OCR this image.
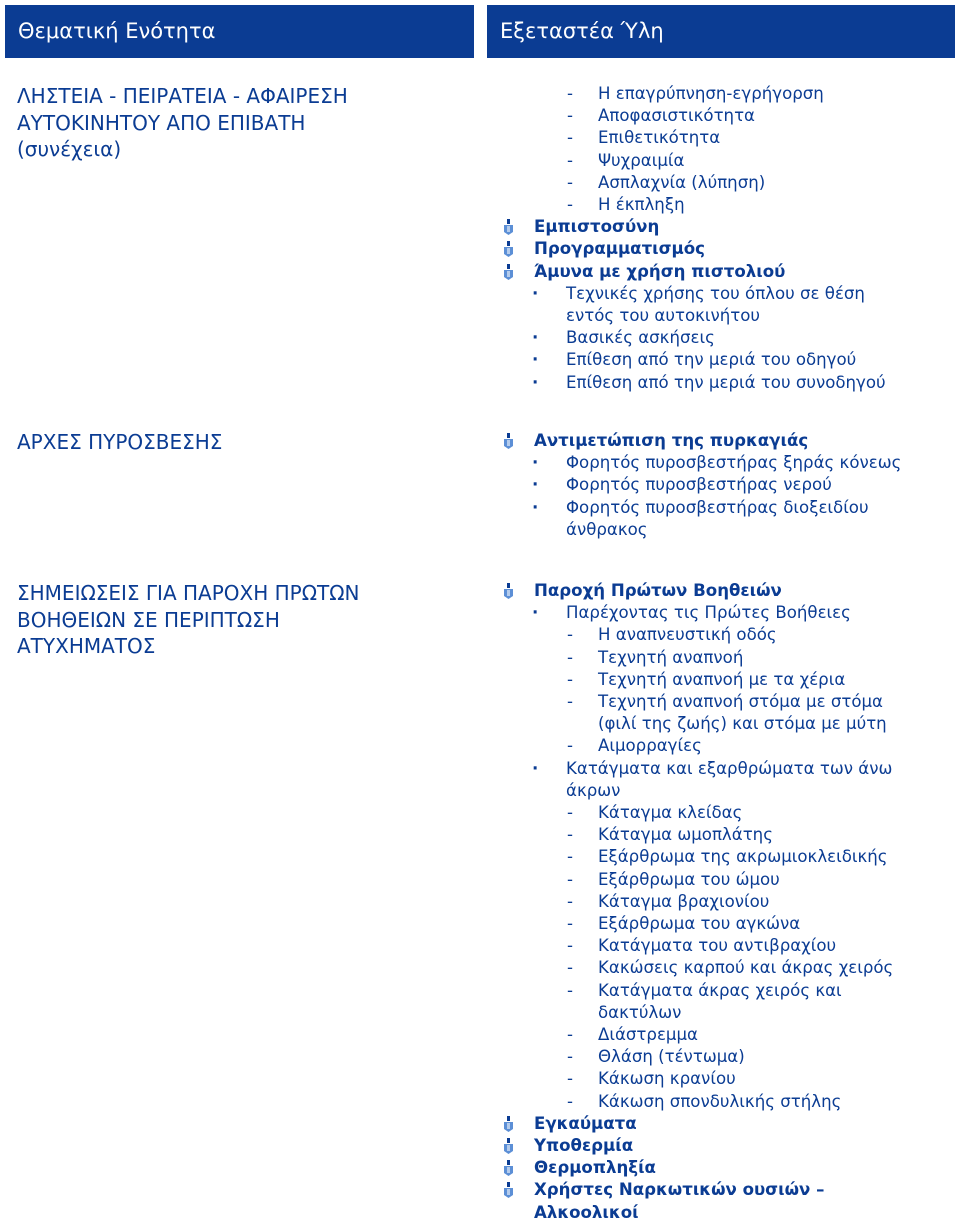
Θεματική Ενότητα	Εξεταστέα Ύλη
ΛΗΣΤΕΙΑ - ΠΕΙΡΑΤΕΙΑ - ΑΦΑΙΡΕΣΗ
ΑΥΤΟΚΙΝΗΤΟΥ ΑΠΟ ΕΠΙΒΑΤΗ
(συνέχεια)
ΑΡΧΕΣ ΠΥΡΟΣΒΕΣΗΣ
ΣΗΜΕΙΩΣΕΙΣ ΓΙΑ ΠΑΡΟΧΗ ΠΡΩΤΩΝ
ΒΟΗΘΕΙΩΝ ΣΕ ΠΕΡΙΠΤΩΣΗ
ΑΤΥΧΗΜΑΤΟΣ
- Η επαγρύπνηση-εγρήγορση
- Αποφασιστικότητα
- Επιθετικότητα
- Ψυχραιμία
- Ασπλαχνία (λύπηση)
- Η έκπληξη
Εμπιστοσύνη
Προγραμματισμός
Άμυνα με χρήση πιστολιού
· Τεχνικές χρήσης του όπλου σε θέση
εντός του αυτοκινήτου
· Βασικές ασκήσεις
· Επίθεση από την μεριά του οδηγού
· Επίθεση από την μεριά του συνοδηγού
Αντιμετώπιση της πυρκαγιάς
· Φορητός πυροσβεστήρας ξηράς κόνεως
· Φορητός πυροσβεστήρας νερού
· Φορητός πυροσβεστήρας διοξειδίου
άνθρακος
Παροχή Πρώτων Βοηθειών
· Παρέχοντας τις Πρώτες Βοήθειες
- Η αναπνευστική οδός
- Τεχνητή αναπνοή
- Τεχνητή αναπνοή με τα χέρια
- Τεχνητή αναπνοή στόμα με στόμα
(φιλί της ζωής) και στόμα με μύτη
- Αιμορραγίες
· Κατάγματα και εξαρθρώματα των άνω
άκρων
- Κάταγμα κλείδας
- Κάταγμα ωμοπλάτης
- Εξάρθρωμα της ακρωμιοκλειδικής
- Εξάρθρωμα του ώμου
- Κάταγμα βραχιονίου
- Εξάρθρωμα του αγκώνα
- Κατάγματα του αντιβραχίου
- Κακώσεις καρπού και άκρας χειρός
- Κατάγματα άκρας χειρός και
δακτύλων
- Διάστρεμμα
- Θλάση (τέντωμα)
- Κάκωση κρανίου
- Κάκωση σπονδυλικής στήλης
Εγκαύματα
Υποθερμία
Θερμοπληξία
Χρήστες Ναρκωτικών ουσιών –
Αλκοολικοί
